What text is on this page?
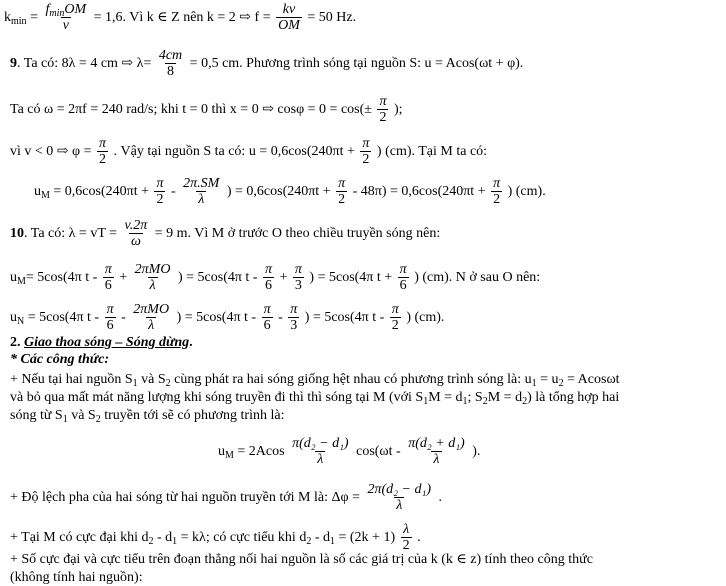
$k_{min}$ =
$f_{min}OM$
v
= 1,6. Vì k ∈ Z nên k = 2 ⇨ $f = \frac{kv}{OM} = 50$ Hz.
9. Ta có: 8λ = 4 cm ⇨ $\lambda= \frac{4cm}{8} = 0,5$ cm. Phương trình sóng tại nguồn S: u = Acos(ωt + φ).
Ta có ω = 2πf = 240 rad/s; khi t = 0 thì x = 0 ⇨ $\cos\varphi = 0 = \cos(\pm \frac{\pi}{2}$ );
vì v < 0 ⇨ $\varphi = \frac{\pi}{2}$ . Vậy tại nguồn S ta có: $u = 0,6\cos(240\pi t + \frac{\pi}{2}$ ) (cm). Tại M ta có:
$u_M = 0,6\cos(240\pi t + \frac{\pi}{2} - \frac{2\pi.SM}{\lambda}$ ) = $0,6\cos(240\pi t + \frac{\pi}{2} - 48\pi) = 0,6\cos(240\pi t + \frac{\pi}{2}$ ) (cm).
10. Ta có: λ = vT = $\frac{v.2\pi}{\omega} = 9$ m. Vì M ở trước O theo chiều truyền sóng nên:
$u_M= 5\cos(4\pi$ t - $\frac{\pi}{6}$ +
2πMO
λ
) = 5cos(4π $t - \frac{\pi}{6} + \frac{\pi}{3}$ ) = 5cos(4π $t + \frac{\pi}{6}$ ) (cm). N ở sau O nên:
$u_N = 5\cos(4\pi$ t - $\frac{\pi}{6}$ -
2πMO
λ
) = 5cos(4π t - $\frac{\pi}{6} - \frac{\pi}{3}$ ) = 5cos(4π t - $\frac{\pi}{2}$ ) (cm).
2. Giao thoa sóng – Sóng dừng.
* Các công thức:
+ Nếu tại hai nguồn $S_1$ và $S_2$ cùng phát ra hai sóng giống hệt nhau có phương trình sóng là: $u_1 = u_2 = Acos\omega t$
và bỏ qua mất mát năng lượng khi sóng truyền đi thì thì sóng tại M (với $S_1M = d_1$; $S_2M = d_2$) là tổng hợp hai
sóng từ $S_1$ và $S_2$ truyền tới sẽ có phương trình là:
$u_M = 2Acos \frac{\text{π(d₂ − d₁)}}{\lambda} \cos(\omega t - \frac{\text{π(d₂ + d₁)}}{\lambda}$ ).
+ Độ lệch pha của hai sóng từ hai nguồn truyền tới M là: $\Delta\varphi = \frac{\text{2π(d₂ − d₁)}}{\lambda}$ .
+ Tại M có cực đại khi $d_2 - d_1 = k\lambda$; có cực tiểu khi $d_2 - d_1 = (2k + 1) \frac{\lambda}{2}$ .
+ Số cực đại và cực tiểu trên đoạn thẳng nối hai nguồn là số các giá trị của k (k ∈ z) tính theo công thức
(không tính hai nguồn):
